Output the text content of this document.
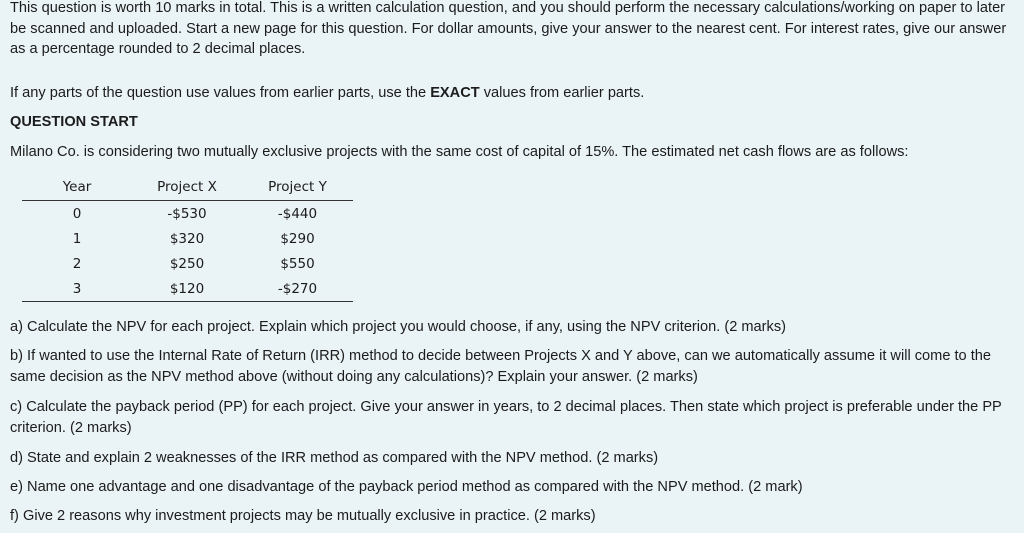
This question is worth 10 marks in total. This is a written calculation question, and you should perform the necessary calculations/working on paper to later be scanned and uploaded. Start a new page for this question. For dollar amounts, give your answer to the nearest cent. For interest rates, give our answer as a percentage rounded to 2 decimal places.

If any parts of the question use values from earlier parts, use the EXACT values from earlier parts.

QUESTION START

Milano Co. is considering two mutually exclusive projects with the same cost of capital of 15%. The estimated net cash flows are as follows:

Year	Project X	Project Y
0	-$530	-$440
1	$320	$290
2	$250	$550
3	$120	-$270

a) Calculate the NPV for each project. Explain which project you would choose, if any, using the NPV criterion. (2 marks)

b) If wanted to use the Internal Rate of Return (IRR) method to decide between Projects X and Y above, can we automatically assume it will come to the same decision as the NPV method above (without doing any calculations)? Explain your answer. (2 marks)

c) Calculate the payback period (PP) for each project. Give your answer in years, to 2 decimal places. Then state which project is preferable under the PP criterion. (2 marks)

d) State and explain 2 weaknesses of the IRR method as compared with the NPV method. (2 marks)

e) Name one advantage and one disadvantage of the payback period method as compared with the NPV method. (2 mark)

f) Give 2 reasons why investment projects may be mutually exclusive in practice. (2 marks)
